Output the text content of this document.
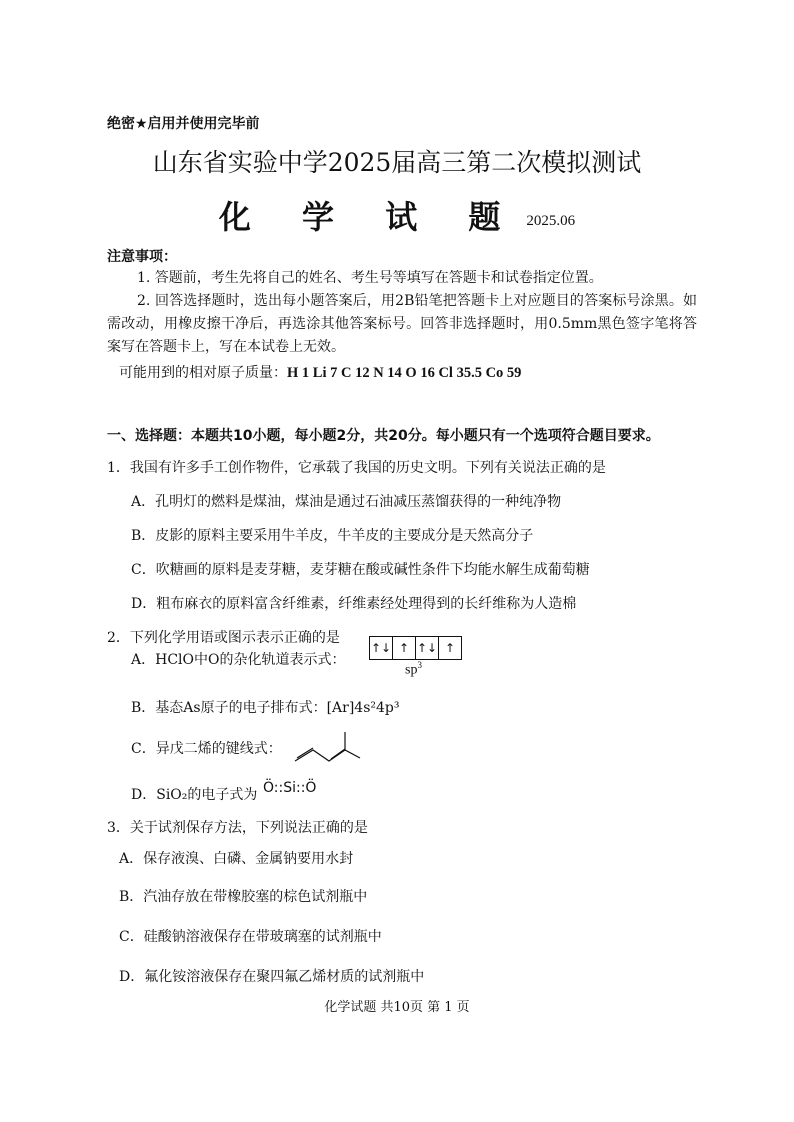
绝密★启用并使用完毕前
山东省实验中学2025届高三第二次模拟测试
化 学 试 题 2025.06
注意事项：
1. 答题前，考生先将自己的姓名、考生号等填写在答题卡和试卷指定位置。
2. 回答选择题时，选出每小题答案后，用2B铅笔把答题卡上对应题目的答案标号涂黑。如需改动，用橡皮擦干净后，再选涂其他答案标号。回答非选择题时，用0.5mm黑色签字笔将答案写在答题卡上，写在本试卷上无效。
可能用到的相对原子质量：H 1 Li 7 C 12 N 14 O 16 Cl 35.5 Co 59
一、选择题：本题共10小题，每小题2分，共20分。每小题只有一个选项符合题目要求。
1．我国有许多手工创作物件，它承载了我国的历史文明。下列有关说法正确的是
A．孔明灯的燃料是煤油，煤油是通过石油减压蒸馏获得的一种纯净物
B．皮影的原料主要采用牛羊皮，牛羊皮的主要成分是天然高分子
C．吹糖画的原料是麦芽糖，麦芽糖在酸或碱性条件下均能水解生成葡萄糖
D．粗布麻衣的原料富含纤维素，纤维素经处理得到的长纤维称为人造棉
2．下列化学用语或图示表示正确的是
A．HClO中O的杂化轨道表示式：
↑↓ ↑ ↑↓ ↑
$sp^3$
B．基态As原子的电子排布式：[Ar]4s²4p³
C．异戊二烯的键线式：
D．SiO₂的电子式为 Ö::Si::Ö
3．关于试剂保存方法，下列说法正确的是
A．保存液溴、白磷、金属钠要用水封
B．汽油存放在带橡胶塞的棕色试剂瓶中
C．硅酸钠溶液保存在带玻璃塞的试剂瓶中
D．氟化铵溶液保存在聚四氟乙烯材质的试剂瓶中
化学试题 共10页 第 1 页
